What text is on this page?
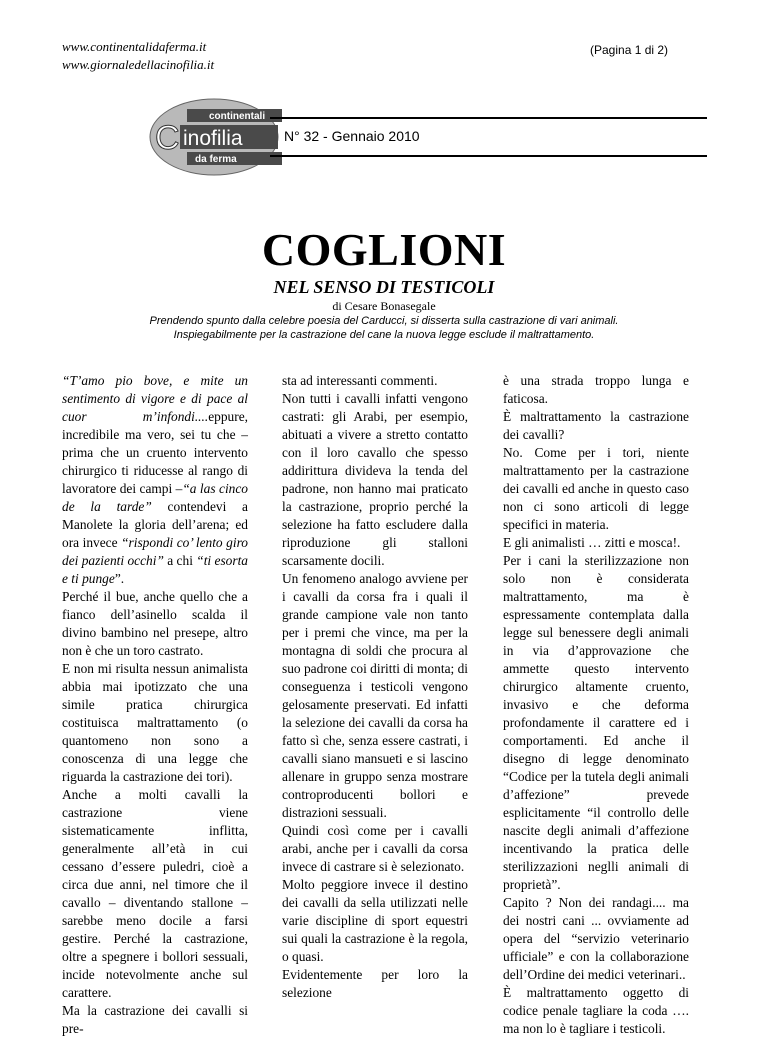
www.continentalidaferma.it
www.giornaledellacinofilia.it
(Pagina 1 di 2)
continentali
C inofilia
da ferma
N° 32 - Gennaio 2010
COGLIONI
NEL SENSO DI TESTICOLI
di Cesare Bonasegale
Prendendo spunto dalla celebre poesia del Carducci, si disserta sulla castrazione di vari animali.
Inspiegabilmente per la castrazione del cane la nuova legge esclude il maltrattamento.

“T’amo pio bove, e mite un sentimento di vigore e di pace al cuor m’infondi....eppure, incredibile ma vero, sei tu che – prima che un cruento intervento chirurgico ti riducesse al rango di lavoratore dei campi –“a las cinco de la tarde” contendevi a Manolete la gloria dell’arena; ed ora invece “rispondi co’ lento giro dei pazienti occhi” a chi “ti esorta e ti punge”.

Perché il bue, anche quello che a fianco dell’asinello scalda il divino bambino nel presepe, altro non è che un toro castrato.

E non mi risulta nessun animalista abbia mai ipotizzato che una simile pratica chirurgica costituisca maltrattamento (o quantomeno non sono a conoscenza di una legge che riguarda la castrazione dei tori).

Anche a molti cavalli la castrazione viene sistematicamente inflitta, generalmente all’età in cui cessano d’essere puledri, cioè a circa due anni, nel timore che il cavallo – diventando stallone – sarebbe meno docile a farsi gestire. Perché la castrazione, oltre a spegnere i bollori sessuali, incide notevolmente anche sul carattere.

Ma la castrazione dei cavalli si pre-

sta ad interessanti commenti.

Non tutti i cavalli infatti vengono castrati: gli Arabi, per esempio, abituati a vivere a stretto contatto con il loro cavallo che spesso addirittura divideva la tenda del padrone, non hanno mai praticato la castrazione, proprio perché la selezione ha fatto escludere dalla riproduzione gli stalloni scarsamente docili.

Un fenomeno analogo avviene per i cavalli da corsa fra i quali il grande campione vale non tanto per i premi che vince, ma per la montagna di soldi che procura al suo padrone coi diritti di monta; di conseguenza i testicoli vengono gelosamente preservati. Ed infatti la selezione dei cavalli da corsa ha fatto sì che, senza essere castrati, i cavalli siano mansueti e si lascino allenare in gruppo senza mostrare controproducenti bollori e distrazioni sessuali.

Quindi così come per i cavalli arabi, anche per i cavalli da corsa invece di castrare si è selezionato.

Molto peggiore invece il destino dei cavalli da sella utilizzati nelle varie discipline di sport equestri sui quali la castrazione è la regola, o quasi.

Evidentemente per loro la selezione

è una strada troppo lunga e faticosa.

È maltrattamento la castrazione dei cavalli?

No. Come per i tori, niente maltrattamento per la castrazione dei cavalli ed anche in questo caso non ci sono articoli di legge specifici in materia.

E gli animalisti … zitti e mosca!.

Per i cani la sterilizzazione non solo non è considerata maltrattamento, ma è espressamente contemplata dalla legge sul benessere degli animali in via d’approvazione che ammette questo intervento chirurgico altamente cruento, invasivo e che deforma profondamente il carattere ed i comportamenti. Ed anche il disegno di legge denominato “Codice per la tutela degli animali d’affezione” prevede esplicitamente “il controllo delle nascite degli animali d’affezione incentivando la pratica delle sterilizzazioni neglli animali di proprietà”.

Capito ? Non dei randagi.... ma dei nostri cani ... ovviamente ad opera del “servizio veterinario ufficiale” e con la collaborazione dell’Ordine dei medici veterinari..

È maltrattamento oggetto di codice penale tagliare la coda …. ma non lo è tagliare i testicoli.
